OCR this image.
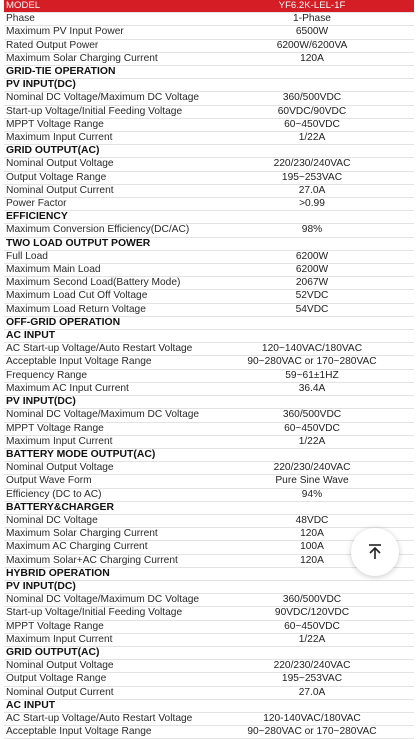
MODEL	YF6.2K-LEL-1F
Phase	1-Phase
Maximum PV Input Power	6500W
Rated Output Power	6200W/6200VA
Maximum Solar Charging Current	120A
GRID-TIE OPERATION	
PV INPUT(DC)	
Nominal DC Voltage/Maximum DC Voltage	360/500VDC
Start-up Voltage/Initial Feeding Voltage	60VDC/90VDC
MPPT Voltage Range	60~450VDC
Maximum Input Current	1/22A
GRID OUTPUT(AC)	
Nominal Output Voltage	220/230/240VAC
Output Voltage Range	195~253VAC
Nominal Output Current	27.0A
Power Factor	>0.99
EFFICIENCY	
Maximum Conversion Efficiency(DC/AC)	98%
TWO LOAD OUTPUT POWER	
Full Load	6200W
Maximum Main Load	6200W
Maximum Second Load(Battery Mode)	2067W
Maximum Load Cut Off Voltage	52VDC
Maximum Load Return Voltage	54VDC
OFF-GRID OPERATION	
AC INPUT	
AC Start-up Voltage/Auto Restart Voltage	120~140VAC/180VAC
Acceptable Input Voltage Range	90~280VAC or 170~280VAC
Frequency Range	59~61±1HZ
Maximum AC Input Current	36.4A
PV INPUT(DC)	
Nominal DC Voltage/Maximum DC Voltage	360/500VDC
MPPT Voltage Range	60~450VDC
Maximum Input Current	1/22A
BATTERY MODE OUTPUT(AC)	
Nominal Output Voltage	220/230/240VAC
Output Wave Form	Pure Sine Wave
Efficiency (DC to AC)	94%
BATTERY&CHARGER	
Nominal DC Voltage	48VDC
Maximum Solar Charging Current	120A
Maximum AC Charging Current	100A
Maximum Solar+AC Charging Current	120A
HYBRID OPERATION	
PV INPUT(DC)	
Nominal DC Voltage/Maximum DC Voltage	360/500VDC
Start-up Voltage/Initial Feeding Voltage	90VDC/120VDC
MPPT Voltage Range	60~450VDC
Maximum Input Current	1/22A
GRID OUTPUT(AC)	
Nominal Output Voltage	220/230/240VAC
Output Voltage Range	195~253VAC
Nominal Output Current	27.0A
AC INPUT	
AC Start-up Voltage/Auto Restart Voltage	120-140VAC/180VAC
Acceptable Input Voltage Range	90~280VAC or 170~280VAC
